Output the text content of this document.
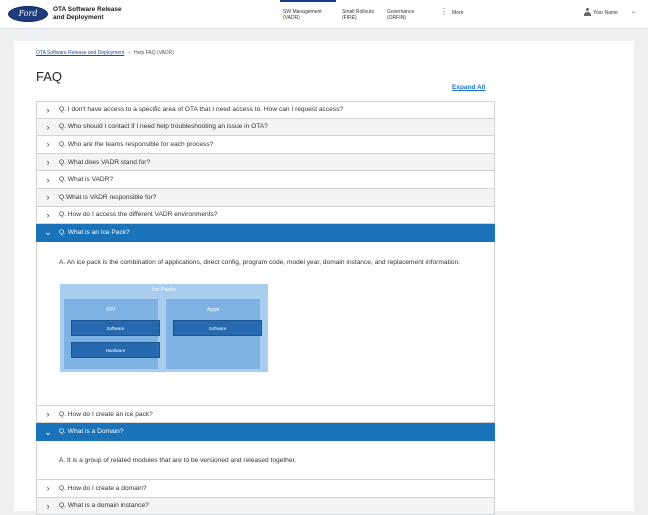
Ford	OTA Software Release
and Deployment
SW Management
(VADR)
Small Rollouts
(FIRE)
Governance
(ORFIN)
⋮ More	Your Name ⌄
OTA Software Release and Deployment › Help FAQ (VADR)
FAQ
Expand All
›	Q. I don't have access to a specific area of OTA that I need access to. How can I request access?
›	Q. Who should I contact if I need help troubleshooting an issue in OTA?
›	Q. Who are the teams responsible for each process?
›	Q. What does VADR stand for?
›	Q. What is VADR?
›	Q.What is VADR responsible for?
›	Q. How do I access the different VADR environments?
⌄	Q. What is an Ice Pack?
A. An ice pack is the combination of applications, direct config, program code, model year, domain instance, and replacement information.
›	Q. How do I create an ice pack?
⌄	Q. What is a Domain?
A. It is a group of related modules that are to be versioned and released together.
›	Q. How do I create a domain?
›	Q. What is a domain instance?
Ice Packs
DIV
Software
Hardware
Apps
Software
